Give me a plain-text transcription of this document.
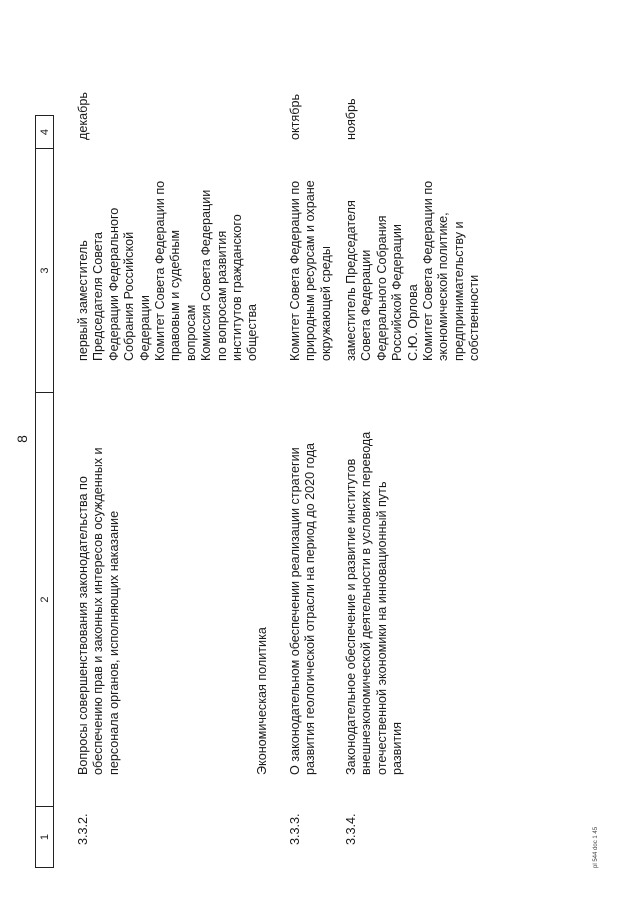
8
1
2
3
4
3.3.2.
Вопросы совершенствования законодательства по обеспечению прав и законных интересов осужденных и персонала органов, исполняющих наказание
первый заместитель Председателя Совета Федерации Федерального Собрания Российской Федерации Комитет Совета Федерации по правовым и судебным вопросам Комиссия Совета Федерации по вопросам развития институтов гражданского общества
декабрь
Экономическая политика
3.3.3.
О законодательном обеспечении реализации стратегии развития геологической отрасли на период до 2020 года
Комитет Совета Федерации по природным ресурсам и охране окружающей среды
октябрь
3.3.4.
Законодательное обеспечение и развитие институтов внешнеэкономической деятельности в условиях перевода отечественной экономики на инновационный путь развития
заместитель Председателя Совета Федерации Федерального Собрания Российской Федерации С.Ю. Орлова Комитет Совета Федерации по экономической политике, предпринимательству и собственности
ноябрь
pl 544 doc 1 45
